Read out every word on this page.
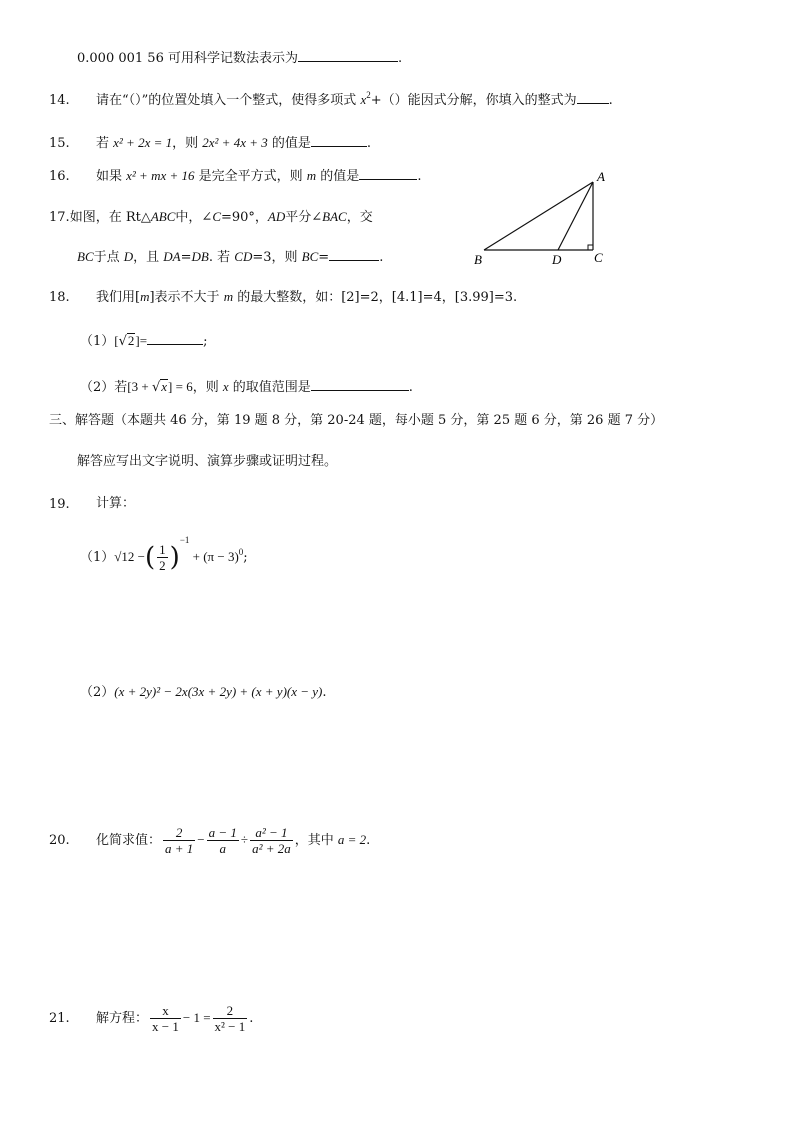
0.000 001 56 可用科学记数法表示为	.
14. 请在“（）”的位置处填入一个整式，使得多项式 $x^2+()$能因式分解，你填入的整式为 .
15. 若 x² + 2x = 1，则 2x² + 4x + 3 的值是	.
16. 如果 x² + mx + 16 是完全平方式，则 m 的值是	.
17.如图，在 Rt△ABC中，∠C=90°，AD平分∠BAC，交
BC于点 D，且 DA=DB. 若 CD=3，则 BC=	.
A
B	D	C
18. 我们用[m]表示不大于 m 的最大整数，如：[2]=2，[4.1]=4，[3.99]=3.
（1）[√2]=	;
（2）若[3 + √x] = 6，则 x 的取值范围是	.
三、解答题（本题共 46 分，第 19 题 8 分，第 20-24 题，每小题 5 分，第 25 题 6 分，第 26 题 7 分）
解答应写出文字说明、演算步骤或证明过程。
19. 计算：
（1）√12 −( $\frac{1}{2} )^{-1} + (\pi - 3)^0$;
（2）(x + 2y)² − 2x(3x + 2y) + (x + y)(x − y).
20. 化简求值： $\frac{2}{a + 1} - \frac{a - 1}{a} \div \frac{\text{a² − 1}}{\text{a² + 2a}}$ ，其中 a = 2.
21. 解方程： $\frac{x}{x - 1} - 1 = \frac{2}{\text{x² − 1}}$ .
